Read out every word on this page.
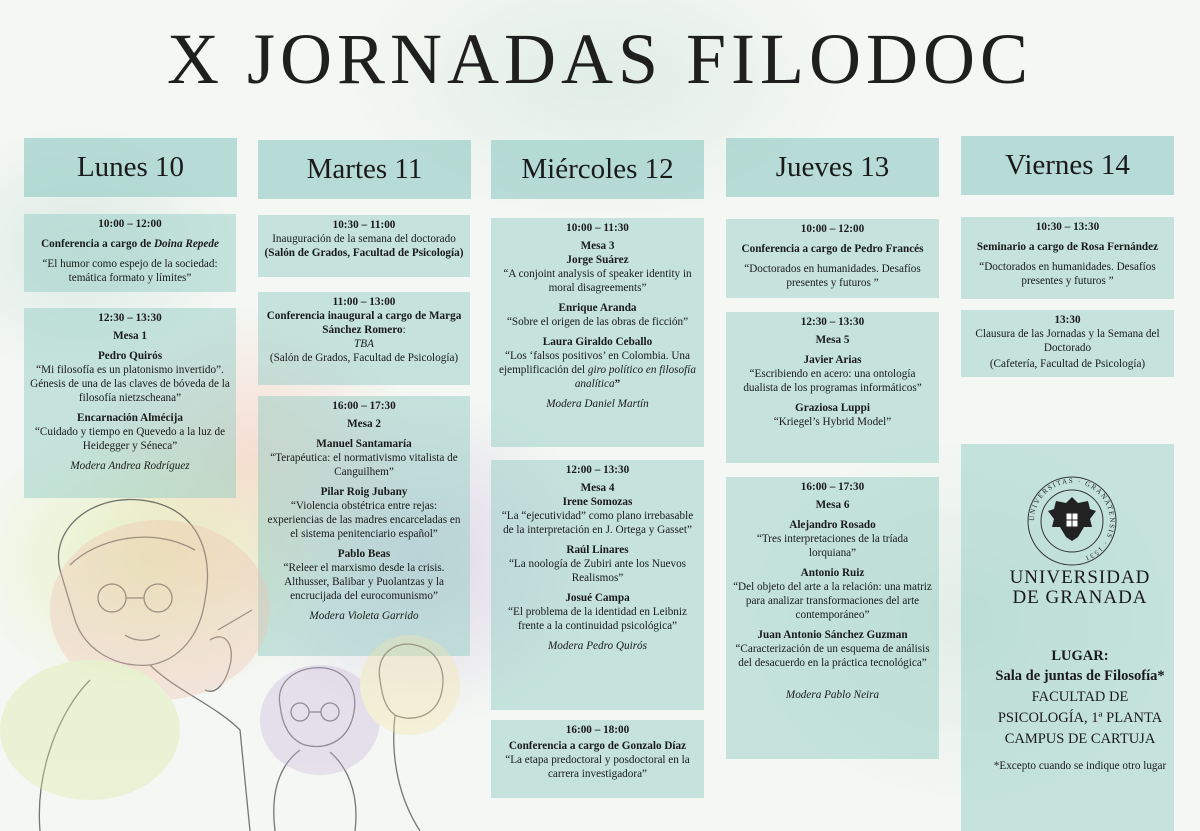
X JORNADAS FILODOC
Lunes 10	Martes 11	Miércoles 12	Jueves 13	Viernes 14
10:00 – 12:00
Conferencia a cargo de Doina Repede
“El humor como espejo de la sociedad: temática formato y límites”
12:30 – 13:30
Mesa 1
Pedro Quirós
“Mi filosofía es un platonismo invertido”. Génesis de una de las claves de bóveda de la filosofía nietzscheana”
Encarnación Almécija
“Cuidado y tiempo en Quevedo a la luz de Heidegger y Séneca”
Modera Andrea Rodríguez
10:30 – 11:00
Inauguración de la semana del doctorado
(Salón de Grados, Facultad de Psicología)
11:00 – 13:00
Conferencia inaugural a cargo de Marga Sánchez Romero:
TBA
(Salón de Grados, Facultad de Psicología)
16:00 – 17:30
Mesa 2
Manuel Santamaría
“Terapéutica: el normativismo vitalista de Canguilhem”
Pilar Roig Jubany
“Violencia obstétrica entre rejas: experiencias de las madres encarceladas en el sistema penitenciario español”
Pablo Beas
“Releer el marxismo desde la crisis. Althusser, Balibar y Puolantzas y la encrucijada del eurocomunismo”
Modera Violeta Garrido
10:00 – 11:30
Mesa 3
Jorge Suárez
“A conjoint analysis of speaker identity in moral disagreements”
Enrique Aranda
“Sobre el origen de las obras de ficción”
Laura Giraldo Ceballo
“Los ‘falsos positivos’ en Colombia. Una ejemplificación del giro político en filosofía analítica”
Modera Daniel Martín
12:00 – 13:30
Mesa 4
Irene Somozas
“La “ejecutividad” como plano irrebasable de la interpretación en J. Ortega y Gasset”
Raúl Linares
“La noología de Zubiri ante los Nuevos Realismos”
Josué Campa
“El problema de la identidad en Leibniz frente a la continuidad psicológica”
Modera Pedro Quirós
16:00 – 18:00
Conferencia a cargo de Gonzalo Díaz
“La etapa predoctoral y posdoctoral en la carrera investigadora”
10:00 – 12:00
Conferencia a cargo de Pedro Francés
“Doctorados en humanidades. Desafíos presentes y futuros ”
12:30 – 13:30
Mesa 5
Javier Arias
“Escribiendo en acero: una ontología dualista de los programas informáticos”
Graziosa Luppi
“Kriegel’s Hybrid Model”
16:00 – 17:30
Mesa 6
Alejandro Rosado
“Tres interpretaciones de la tríada lorquiana”
Antonio Ruiz
“Del objeto del arte a la relación: una matriz para analizar transformaciones del arte contemporáneo”
Juan Antonio Sánchez Guzman
“Caracterización de un esquema de análisis del desacuerdo en la práctica tecnológica”
Modera Pablo Neira
10:30 – 13:30
Seminario a cargo de Rosa Fernández
“Doctorados en humanidades. Desafíos presentes y futuros ”
13:30
Clausura de las Jornadas y la Semana del Doctorado
(Cafetería, Facultad de Psicología)
UNIVERSITAS · GRANATENSIS · 1531
UNIVERSIDAD
DE GRANADA
LUGAR:
Sala de juntas de Filosofía*
FACULTAD DE
PSICOLOGÍA, 1ª PLANTA
CAMPUS DE CARTUJA
*Excepto cuando se indique otro lugar
